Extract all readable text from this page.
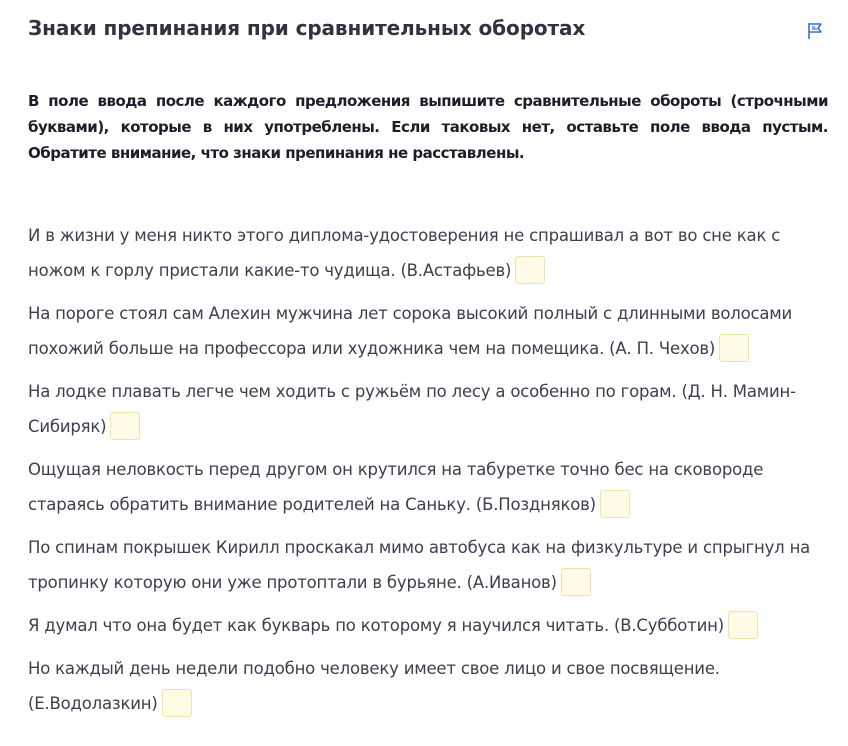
Знаки препинания при сравнительных оборотах
В поле ввода после каждого предложения выпишите сравнительные обороты (строчными буквами), которые в них употреблены. Если таковых нет, оставьте поле ввода пустым. Обратите внимание, что знаки препинания не расставлены.
И в жизни у меня никто этого диплома-удостоверения не спрашивал а вот во сне как с ножом к горлу пристали какие-то чудища. (В.Астафьев)
На пороге стоял сам Алехин мужчина лет сорока высокий полный с длинными волосами похожий больше на профессора или художника чем на помещика. (А. П. Чехов)
На лодке плавать легче чем ходить с ружьём по лесу а особенно по горам. (Д. Н. Мамин-Сибиряк)
Ощущая неловкость перед другом он крутился на табуретке точно бес на сковороде стараясь обратить внимание родителей на Саньку. (Б.Поздняков)
По спинам покрышек Кирилл проскакал мимо автобуса как на физкультуре и спрыгнул на тропинку которую они уже протоптали в бурьяне. (А.Иванов)
Я думал что она будет как букварь по которому я научился читать. (В.Субботин)
Но каждый день недели подобно человеку имеет свое лицо и свое посвящение. (Е.Водолазкин)
